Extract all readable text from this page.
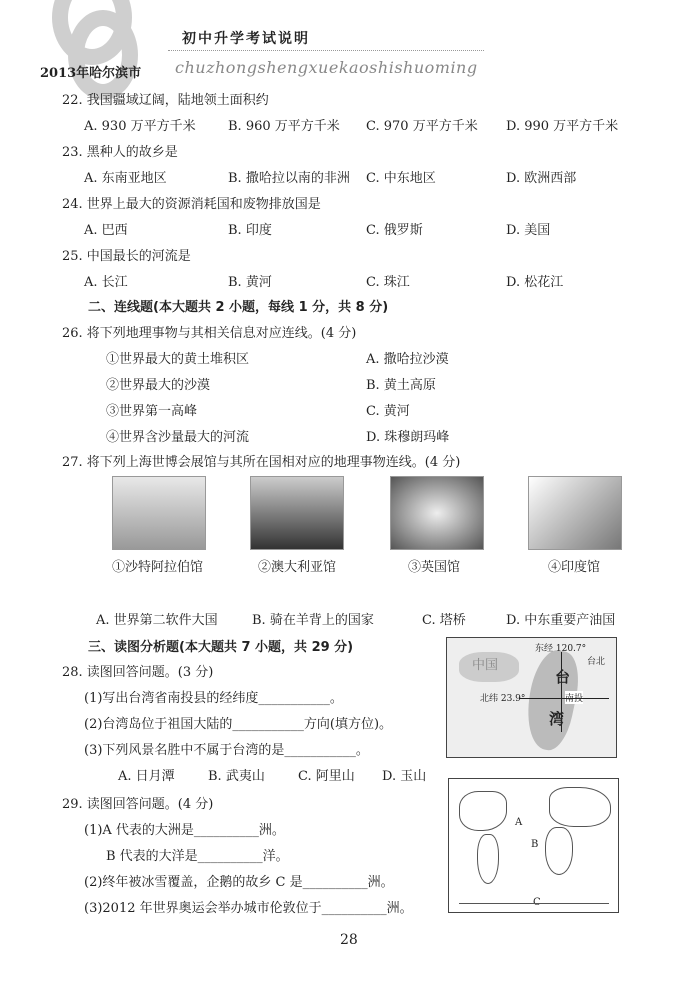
初中升学考试说明
2013年哈尔滨市 chuzhongshengxuekaoshishuoming
22. 我国疆域辽阔，陆地领土面积约
A. 930 万平方千米 B. 960 万平方千米 C. 970 万平方千米 D. 990 万平方千米
23. 黑种人的故乡是
A. 东南亚地区	B. 撒哈拉以南的非洲 C. 中东地区	D. 欧洲西部
24. 世界上最大的资源消耗国和废物排放国是
A. 巴西	B. 印度	C. 俄罗斯	D. 美国
25. 中国最长的河流是
A. 长江	B. 黄河	C. 珠江	D. 松花江
二、连线题(本大题共 2 小题，每线 1 分，共 8 分)
26. 将下列地理事物与其相关信息对应连线。(4 分)
①世界最大的黄土堆积区	A. 撒哈拉沙漠
②世界最大的沙漠	B. 黄土高原
③世界第一高峰	C. 黄河
④世界含沙量最大的河流	D. 珠穆朗玛峰
27. 将下列上海世博会展馆与其所在国相对应的地理事物连线。(4 分)
①沙特阿拉伯馆	②澳大利亚馆	③英国馆	④印度馆
A. 世界第二软件大国	B. 骑在羊背上的国家	C. 塔桥	D. 中东重要产油国
三、读图分析题(本大题共 7 小题，共 29 分)
28. 读图回答问题。(3 分)
(1)写出台湾省南投县的经纬度___________。
(2)台湾岛位于祖国大陆的___________方向(填方位)。
(3)下列风景名胜中不属于台湾的是___________。
A. 日月潭	B. 武夷山	C. 阿里山 D. 玉山
中国
东经 120.7°
台北
台
湾
北纬 23.9°	南投
29. 读图回答问题。(4 分)
(1)A 代表的大洲是__________洲。
B 代表的大洋是__________洋。
(2)终年被冰雪覆盖，企鹅的故乡 C 是__________洲。
(3)2012 年世界奥运会举办城市伦敦位于__________洲。
A
B
C
28
